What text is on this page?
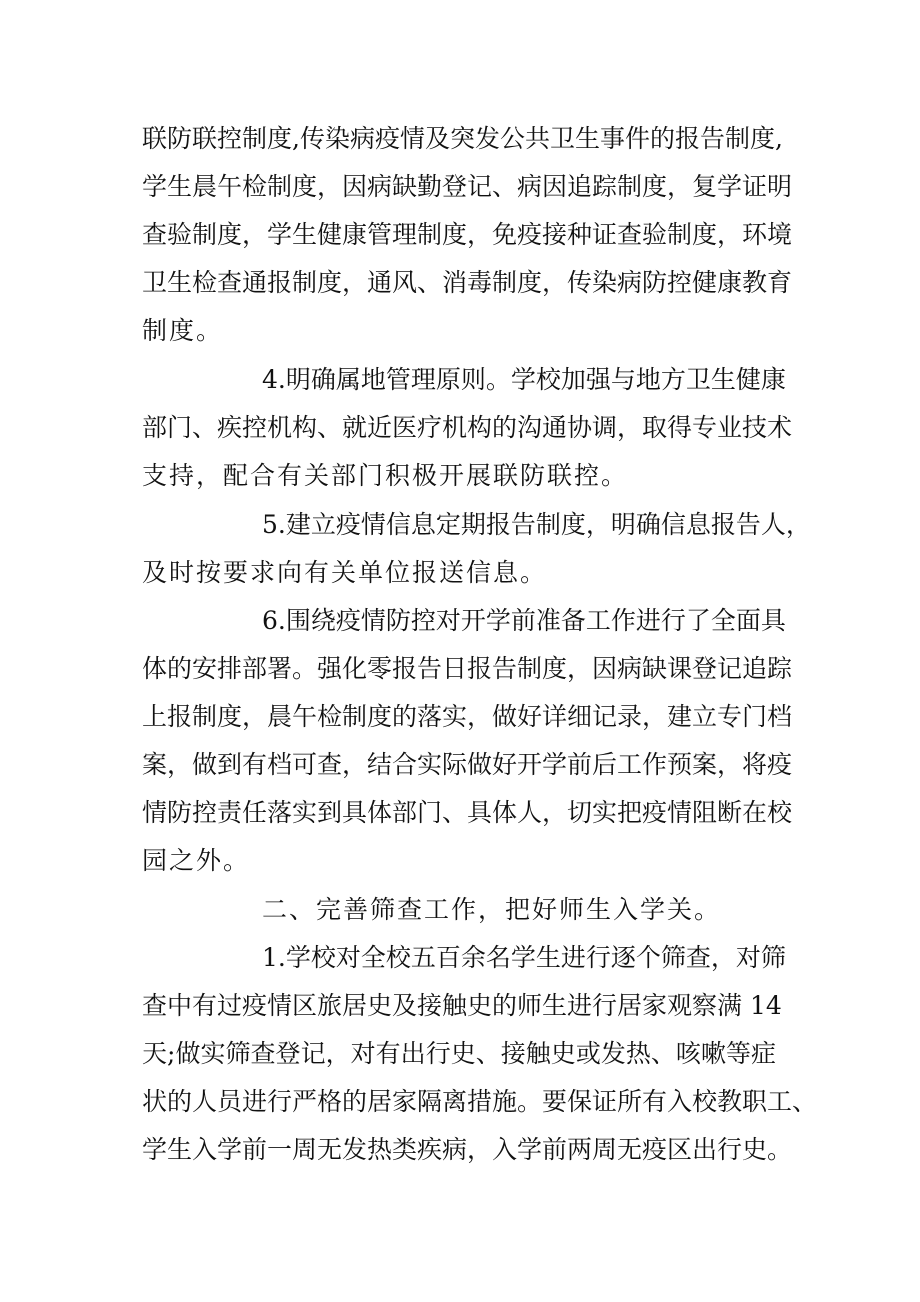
联防联控制度,传染病疫情及突发公共卫生事件的报告制度,
学生晨午检制度，因病缺勤登记、病因追踪制度，复学证明
查验制度，学生健康管理制度，免疫接种证查验制度，环境
卫生检查通报制度，通风、消毒制度，传染病防控健康教育
制度。
4.明确属地管理原则。学校加强与地方卫生健康
部门、疾控机构、就近医疗机构的沟通协调，取得专业技术
支持，配合有关部门积极开展联防联控。
5.建立疫情信息定期报告制度，明确信息报告人，
及时按要求向有关单位报送信息。
6.围绕疫情防控对开学前准备工作进行了全面具
体的安排部署。强化零报告日报告制度，因病缺课登记追踪
上报制度，晨午检制度的落实，做好详细记录，建立专门档
案，做到有档可查，结合实际做好开学前后工作预案，将疫
情防控责任落实到具体部门、具体人，切实把疫情阻断在校
园之外。
二、完善筛查工作，把好师生入学关。
1.学校对全校五百余名学生进行逐个筛查，对筛
查中有过疫情区旅居史及接触史的师生进行居家观察满 14
天;做实筛查登记，对有出行史、接触史或发热、咳嗽等症
状的人员进行严格的居家隔离措施。要保证所有入校教职工、
学生入学前一周无发热类疾病，入学前两周无疫区出行史。
